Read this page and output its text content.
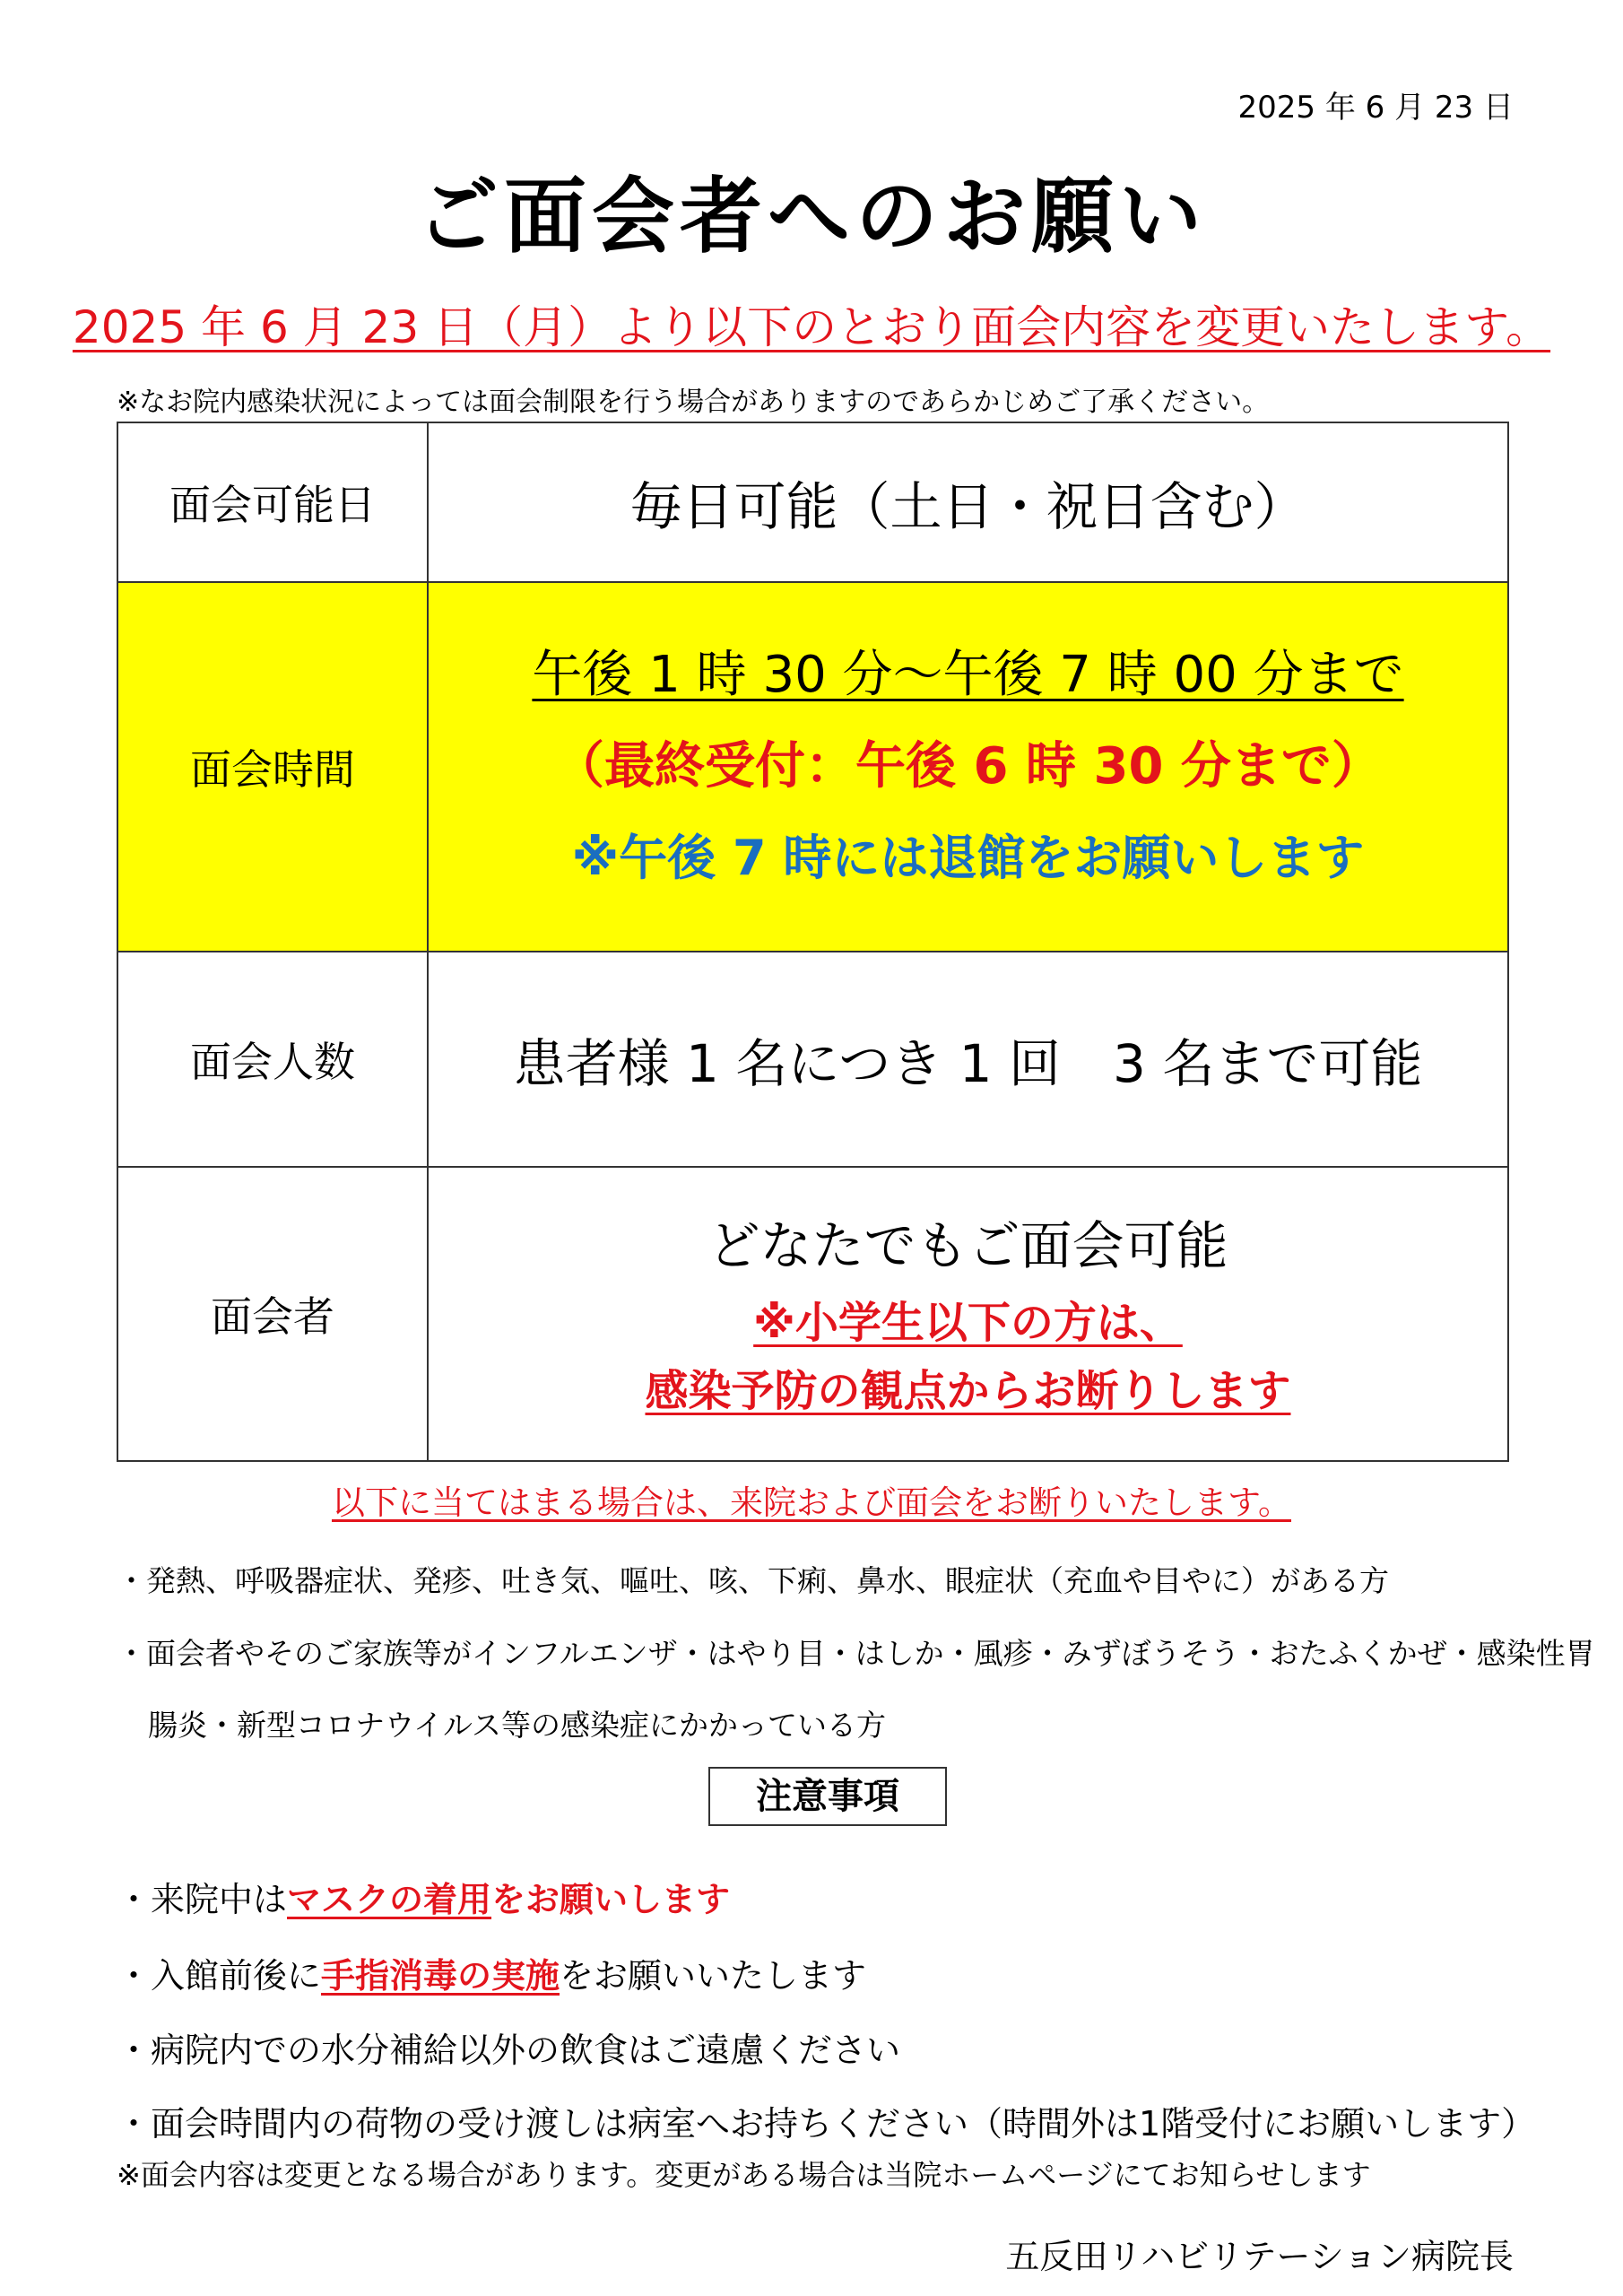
2025 年 6 月 23 日
ご面会者へのお願い
2025 年 6 月 23 日（月）より以下のとおり面会内容を変更いたします。
※なお院内感染状況によっては面会制限を行う場合がありますのであらかじめご了承ください。
面会可能日	毎日可能（土日・祝日含む）
面会時間	午後 1 時 30 分～午後 7 時 00 分まで
（最終受付：午後 6 時 30 分まで）
※午後 7 時には退館をお願いします

面会人数	患者様 1 名につき 1 回　3 名まで可能
面会者	どなたでもご面会可能
※小学生以下の方は、
感染予防の観点からお断りします
以下に当てはまる場合は、来院および面会をお断りいたします。
・発熱、呼吸器症状、発疹、吐き気、嘔吐、咳、下痢、鼻水、眼症状（充血や目やに）がある方
・面会者やそのご家族等がインフルエンザ・はやり目・はしか・風疹・みずぼうそう・おたふくかぜ・感染性胃
腸炎・新型コロナウイルス等の感染症にかかっている方
注意事項
・来院中はマスクの着用をお願いします
・入館前後に手指消毒の実施をお願いいたします
・病院内での水分補給以外の飲食はご遠慮ください
・面会時間内の荷物の受け渡しは病室へお持ちください（時間外は1階受付にお願いします）
※面会内容は変更となる場合があります。変更がある場合は当院ホームページにてお知らせします
五反田リハビリテーション病院長
